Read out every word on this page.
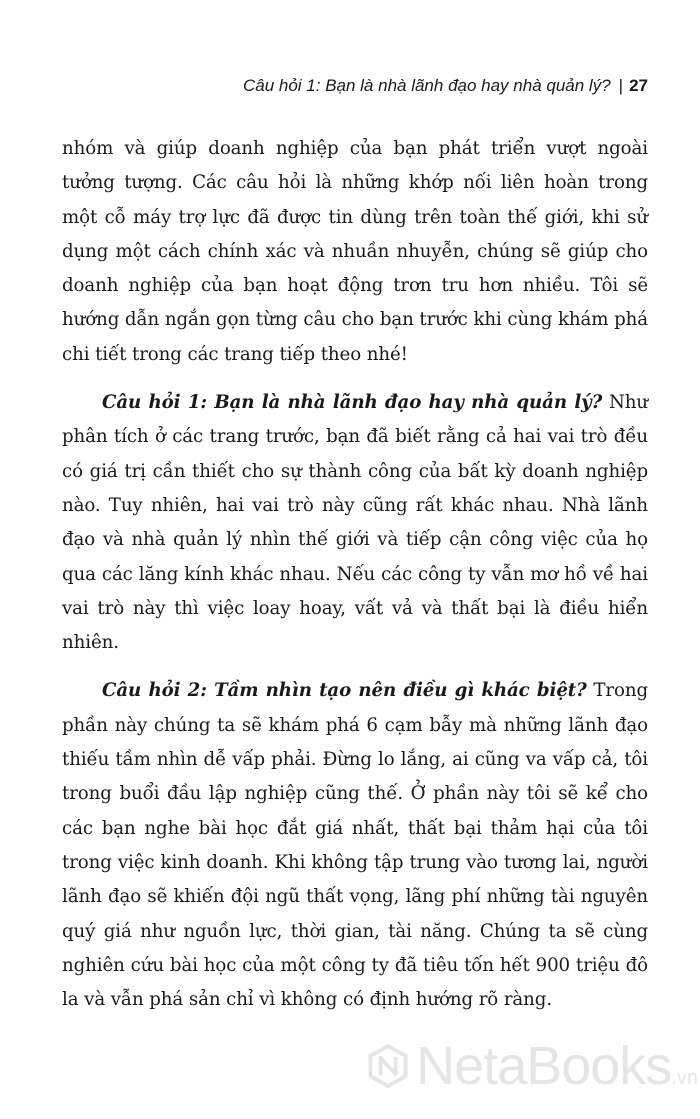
Câu hỏi 1: Bạn là nhà lãnh đạo hay nhà quản lý? | 27

nhóm và giúp doanh nghiệp của bạn phát triển vượt ngoài tưởng tượng. Các câu hỏi là những khớp nối liên hoàn trong một cỗ máy trợ lực đã được tin dùng trên toàn thế giới, khi sử dụng một cách chính xác và nhuần nhuyễn, chúng sẽ giúp cho doanh nghiệp của bạn hoạt động trơn tru hơn nhiều. Tôi sẽ hướng dẫn ngắn gọn từng câu cho bạn trước khi cùng khám phá chi tiết trong các trang tiếp theo nhé!

Câu hỏi 1: Bạn là nhà lãnh đạo hay nhà quản lý? Như phân tích ở các trang trước, bạn đã biết rằng cả hai vai trò đều có giá trị cần thiết cho sự thành công của bất kỳ doanh nghiệp nào. Tuy nhiên, hai vai trò này cũng rất khác nhau. Nhà lãnh đạo và nhà quản lý nhìn thế giới và tiếp cận công việc của họ qua các lăng kính khác nhau. Nếu các công ty vẫn mơ hồ về hai vai trò này thì việc loay hoay, vất vả và thất bại là điều hiển nhiên.

Câu hỏi 2: Tầm nhìn tạo nên điều gì khác biệt? Trong phần này chúng ta sẽ khám phá 6 cạm bẫy mà những lãnh đạo thiếu tầm nhìn dễ vấp phải. Đừng lo lắng, ai cũng va vấp cả, tôi trong buổi đầu lập nghiệp cũng thế. Ở phần này tôi sẽ kể cho các bạn nghe bài học đắt giá nhất, thất bại thảm hại của tôi trong việc kinh doanh. Khi không tập trung vào tương lai, người lãnh đạo sẽ khiến đội ngũ thất vọng, lãng phí những tài nguyên quý giá như nguồn lực, thời gian, tài năng. Chúng ta sẽ cùng nghiên cứu bài học của một công ty đã tiêu tốn hết 900 triệu đô la và vẫn phá sản chỉ vì không có định hướng rõ ràng.

NetaBooks.vn
